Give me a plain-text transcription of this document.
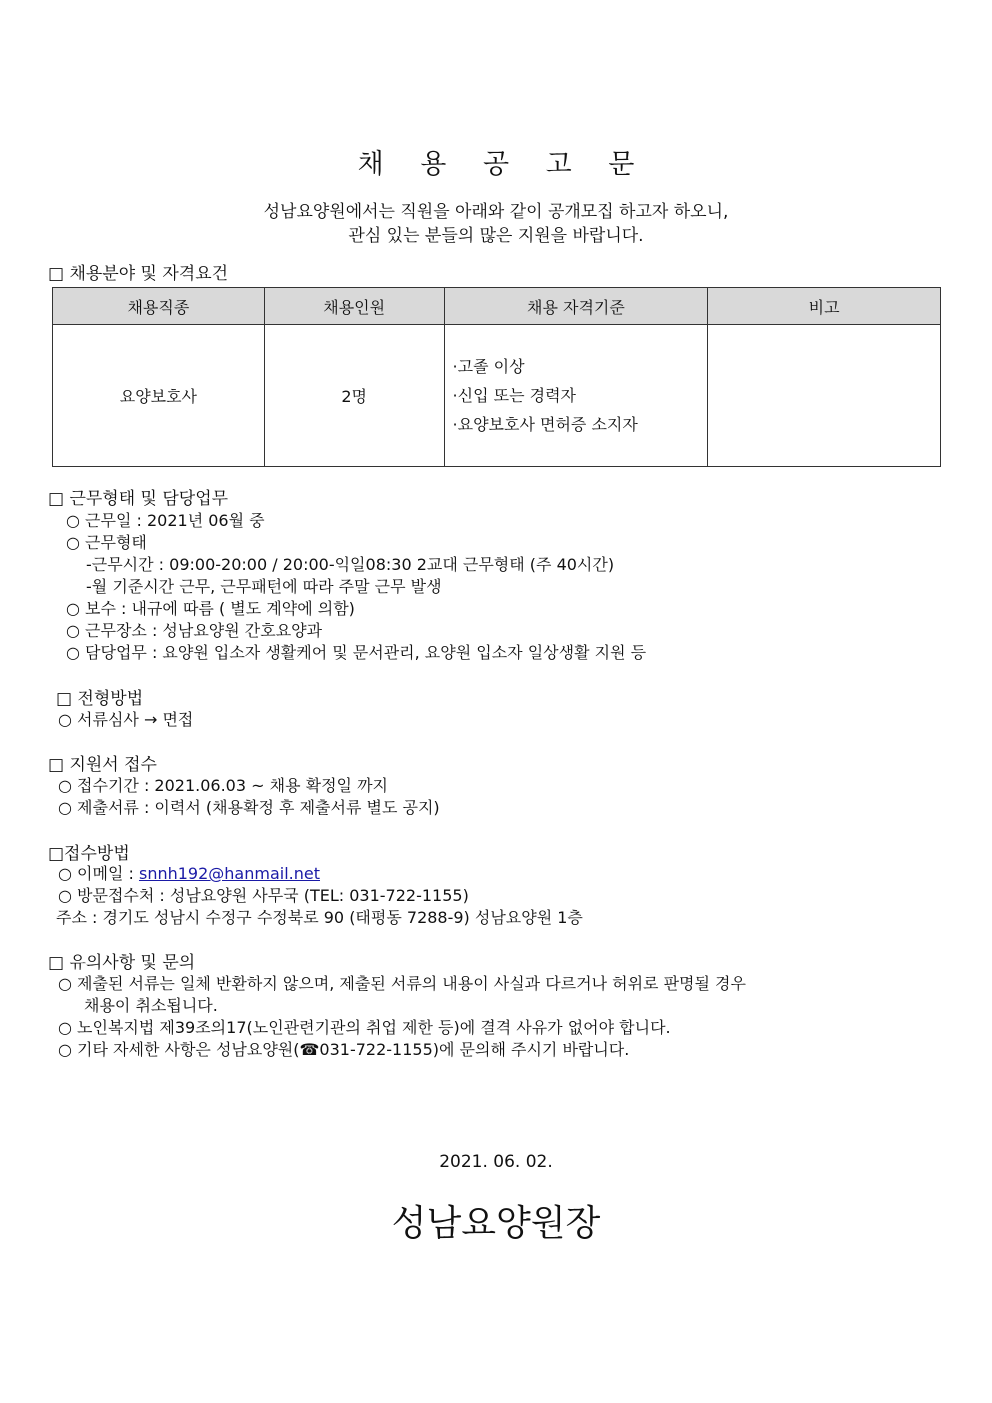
채 용 공 고 문
성남요양원에서는 직원을 아래와 같이 공개모집 하고자 하오니,
관심 있는 분들의 많은 지원을 바랍니다.
□ 채용분야 및 자격요건
채용직종	채용인원	채용 자격기준	비고
요양보호사	2명	·고졸 이상
·신입 또는 경력자
·요양보호사 면허증 소지자	

□ 근무형태 및 담당업무
○ 근무일 : 2021년 06월 중
○ 근무형태
-근무시간 : 09:00-20:00 / 20:00-익일08:30 2교대 근무형태 (주 40시간)
-월 기준시간 근무, 근무패턴에 따라 주말 근무 발생
○ 보수 : 내규에 따름 ( 별도 계약에 의함)
○ 근무장소 : 성남요양원 간호요양과
○ 담당업무 : 요양원 입소자 생활케어 및 문서관리, 요양원 입소자 일상생활 지원 등
□ 전형방법
○ 서류심사 → 면접
□ 지원서 접수
○ 접수기간 : 2021.06.03 ~ 채용 확정일 까지
○ 제출서류 : 이력서 (채용확정 후 제출서류 별도 공지)
□접수방법
○ 이메일 : snnh192@hanmail.net
○ 방문접수처 : 성남요양원 사무국 (TEL: 031-722-1155)
주소 : 경기도 성남시 수정구 수정북로 90 (태평동 7288-9) 성남요양원 1층
□ 유의사항 및 문의
○ 제출된 서류는 일체 반환하지 않으며, 제출된 서류의 내용이 사실과 다르거나 허위로 판명될 경우
채용이 취소됩니다.
○ 노인복지법 제39조의17(노인관련기관의 취업 제한 등)에 결격 사유가 없어야 합니다.
○ 기타 자세한 사항은 성남요양원(☎031-722-1155)에 문의해 주시기 바랍니다.
2021. 06. 02.
성남요양원장
